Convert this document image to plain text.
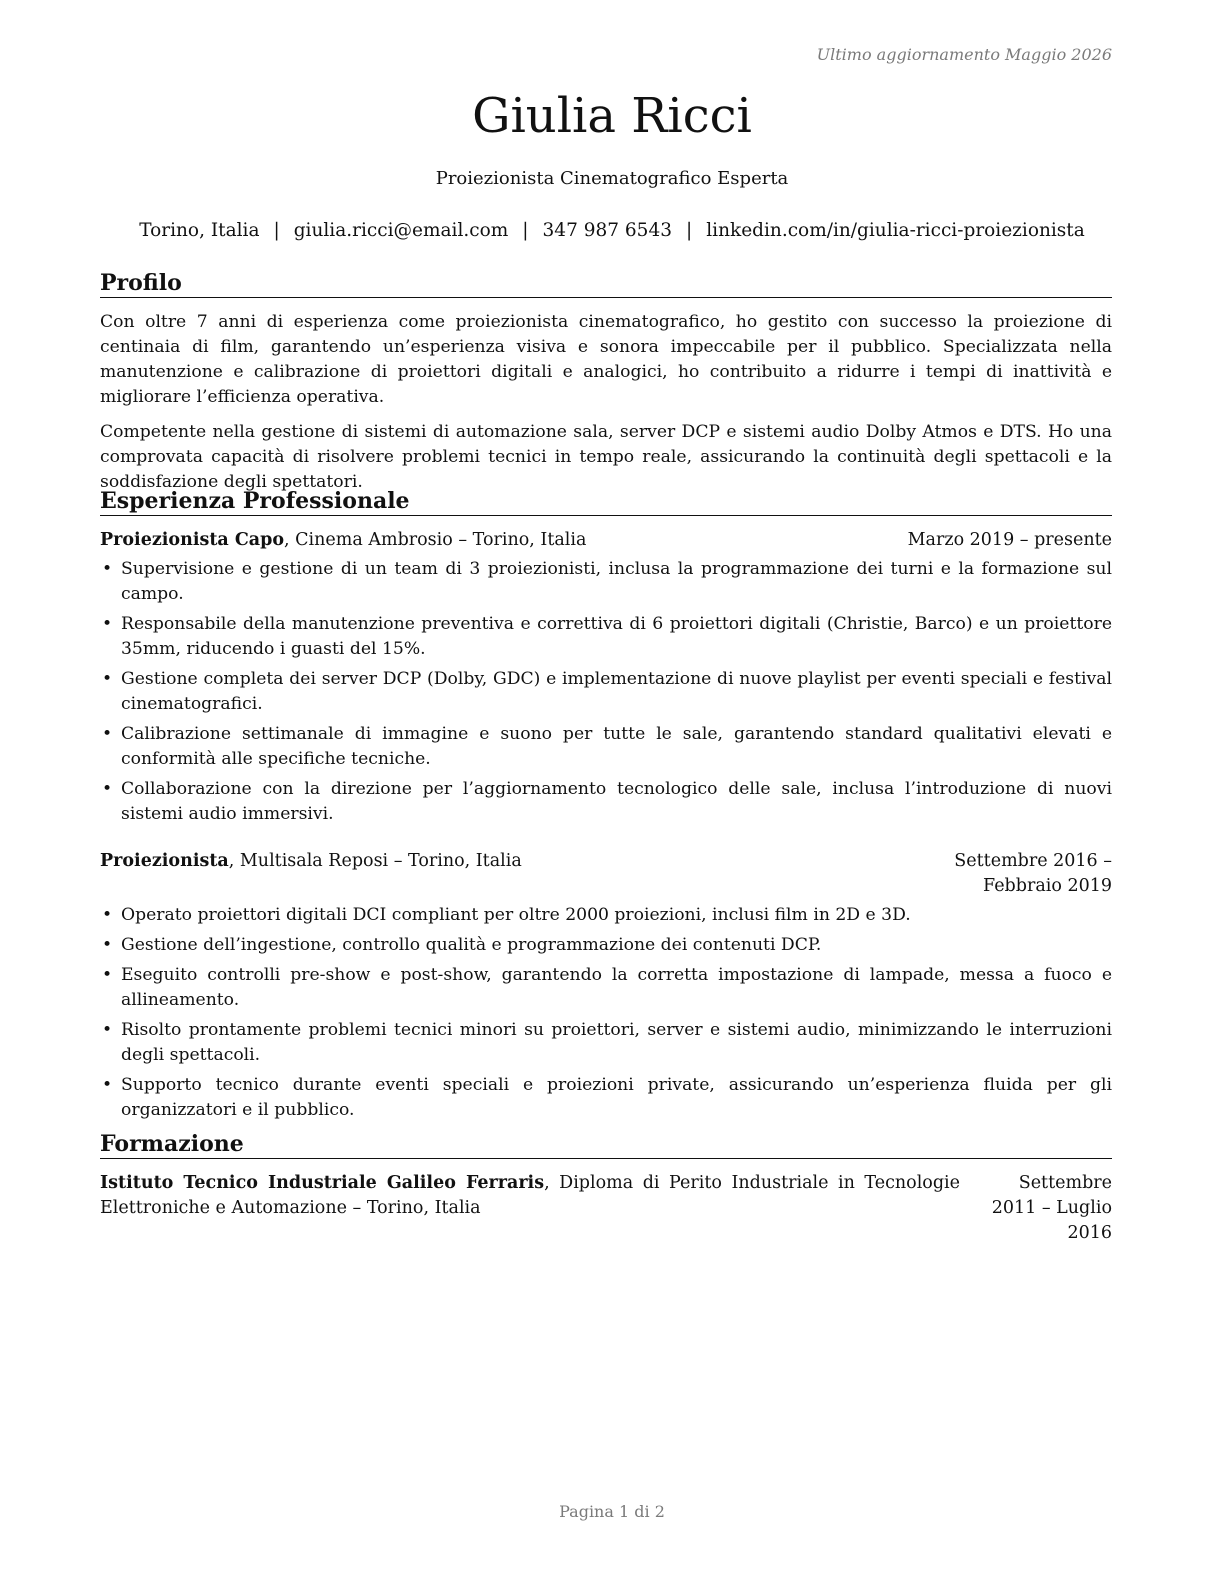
Ultimo aggiornamento Maggio 2026
Giulia Ricci
Proiezionista Cinematografico Esperta
Torino, Italia | giulia.ricci@email.com | 347 987 6543 | linkedin.com/in/giulia-ricci-proiezionista
Profilo

Con oltre 7 anni di esperienza come proiezionista cinematografico, ho gestito con successo la proiezione di centinaia di film, garantendo un’esperienza visiva e sonora impeccabile per il pubblico. Specializzata nella manutenzione e calibrazione di proiettori digitali e analogici, ho contribuito a ridurre i tempi di inattività e migliorare l’efficienza operativa.

Competente nella gestione di sistemi di automazione sala, server DCP e sistemi audio Dolby Atmos e DTS. Ho una comprovata capacità di risolvere problemi tecnici in tempo reale, assicurando la continuità degli spettacoli e la soddisfazione degli spettatori.

Esperienza Professionale
Proiezionista Capo, Cinema Ambrosio – Torino, Italia	Marzo 2019 – presente
• Supervisione e gestione di un team di 3 proiezionisti, inclusa la programmazione dei turni e la formazione sul campo.
• Responsabile della manutenzione preventiva e correttiva di 6 proiettori digitali (Christie, Barco) e un proiettore 35mm, riducendo i guasti del 15%.
• Gestione completa dei server DCP (Dolby, GDC) e implementazione di nuove playlist per eventi speciali e festival cinematografici.
• Calibrazione settimanale di immagine e suono per tutte le sale, garantendo standard qualitativi elevati e conformità alle specifiche tecniche.
• Collaborazione con la direzione per l’aggiornamento tecnologico delle sale, inclusa l’introduzione di nuovi sistemi audio immersivi.
Proiezionista, Multisala Reposi – Torino, Italia	Settembre 2016 – Febbraio 2019
• Operato proiettori digitali DCI compliant per oltre 2000 proiezioni, inclusi film in 2D e 3D.
• Gestione dell’ingestione, controllo qualità e programmazione dei contenuti DCP.
• Eseguito controlli pre-show e post-show, garantendo la corretta impostazione di lampade, messa a fuoco e allineamento.
• Risolto prontamente problemi tecnici minori su proiettori, server e sistemi audio, minimizzando le interruzioni degli spettacoli.
• Supporto tecnico durante eventi speciali e proiezioni private, assicurando un’esperienza fluida per gli organizzatori e il pubblico.
Formazione
Istituto Tecnico Industriale Galileo Ferraris, Diploma di Perito Industriale in Tecnologie Elettroniche e Automazione – Torino, Italia
Settembre 2011 – Luglio 2016
Pagina 1 di 2
